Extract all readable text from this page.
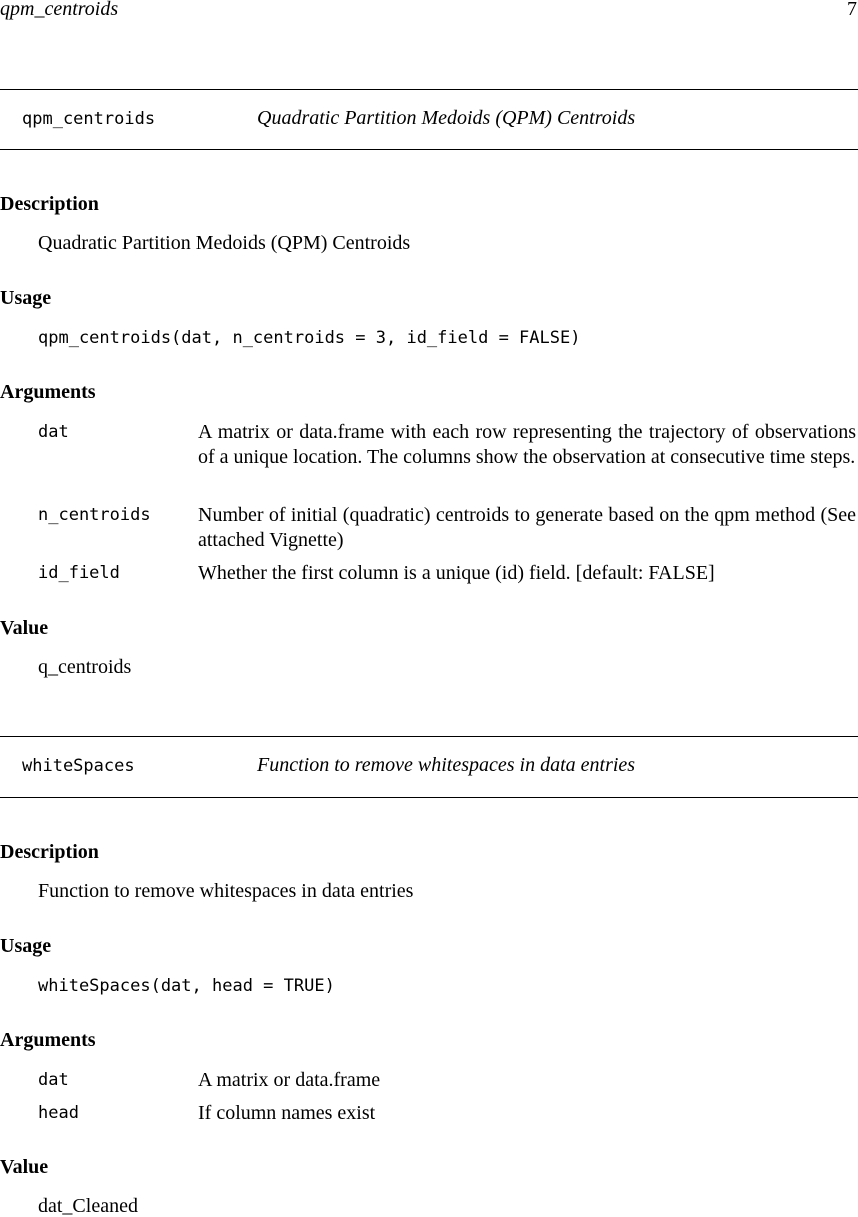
qpm_centroids	7
qpm_centroids	Quadratic Partition Medoids (QPM) Centroids
Description
Quadratic Partition Medoids (QPM) Centroids
Usage
qpm_centroids(dat, n_centroids = 3, id_field = FALSE)
Arguments
dat	A matrix or data.frame with each row representing the trajectory of observations of a unique location. The columns show the observation at consecutive time steps.
n_centroids Number of initial (quadratic) centroids to generate based on the qpm method (See attached Vignette)
id_field	Whether the first column is a unique (id) field. [default: FALSE]
Value
q_centroids
whiteSpaces	Function to remove whitespaces in data entries
Description
Function to remove whitespaces in data entries
Usage
whiteSpaces(dat, head = TRUE)
Arguments
dat	A matrix or data.frame
head	If column names exist
Value
dat_Cleaned
